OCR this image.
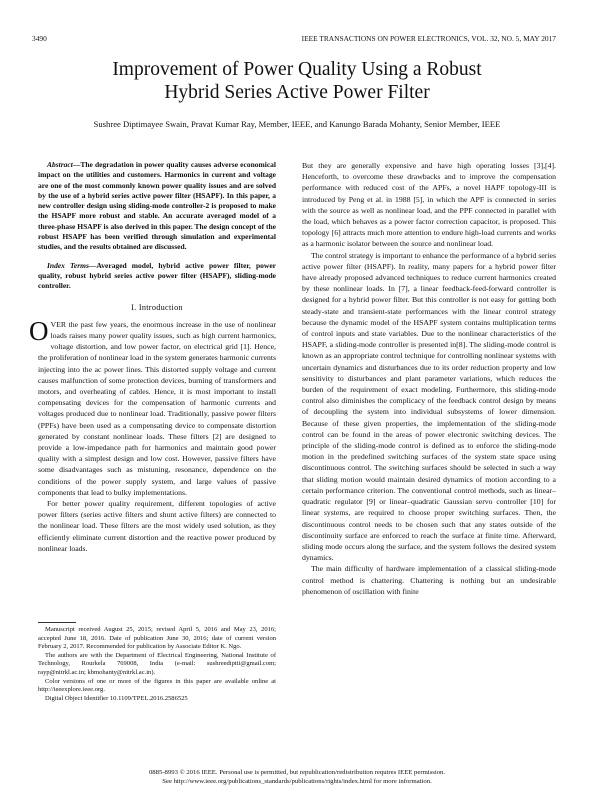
3490	IEEE TRANSACTIONS ON POWER ELECTRONICS, VOL. 32, NO. 5, MAY 2017
Improvement of Power Quality Using a Robust
Hybrid Series Active Power Filter
Sushree Diptimayee Swain, Pravat Kumar Ray, Member, IEEE, and Kanungo Barada Mohanty, Senior Member, IEEE

Abstract—The degradation in power quality causes adverse economical impact on the utilities and customers. Harmonics in current and voltage are one of the most commonly known power quality issues and are solved by the use of a hybrid series active power filter (HSAPF). In this paper, a new controller design using sliding-mode controller-2 is proposed to make the HSAPF more robust and stable. An accurate averaged model of a three-phase HSAPF is also derived in this paper. The design concept of the robust HSAPF has been verified through simulation and experimental studies, and the results obtained are discussed.

Index Terms—Averaged model, hybrid active power filter, power quality, robust hybrid series active power filter (HSAPF), sliding-mode controller.

I. Introduction

OVER the past few years, the enormous increase in the use of nonlinear loads raises many power quality issues, such as high current harmonics, voltage distortion, and low power factor, on electrical grid [1]. Hence, the proliferation of nonlinear load in the system generates harmonic currents injecting into the ac power lines. This distorted supply voltage and current causes malfunction of some protection devices, burning of transformers and motors, and overheating of cables. Hence, it is most important to install compensating devices for the compensation of harmonic currents and voltages produced due to nonlinear load. Traditionally, passive power filters (PPFs) have been used as a compensating device to compensate distortion generated by constant nonlinear loads. These filters [2] are designed to provide a low-impedance path for harmonics and maintain good power quality with a simplest design and low cost. However, passive filters have some disadvantages such as mistuning, resonance, dependence on the conditions of the power supply system, and large values of passive components that lead to bulky implementations.

For better power quality requirement, different topologies of active power filters (series active filters and shunt active filters) are connected to the nonlinear load. These filters are the most widely used solution, as they efficiently eliminate current distortion and the reactive power produced by nonlinear loads.

Manuscript received August 25, 2015; revised April 5, 2016 and May 23, 2016; accepted June 18, 2016. Date of publication June 30, 2016; date of current version February 2, 2017. Recommended for publication by Associate Editor K. Ngo.

The authors are with the Department of Electrical Engineering, National Institute of Technology, Rourkela 769008, India (e-mail: sushreediptii@gmail.com; rayp@nitrkl.ac.in; kbmohanty@nitrkl.ac.in).

Color versions of one or more of the figures in this paper are available online at http://ieeexplore.ieee.org.

Digital Object Identifier 10.1109/TPEL.2016.2586525

But they are generally expensive and have high operating losses [3],[4]. Henceforth, to overcome these drawbacks and to improve the compensation performance with reduced cost of the APFs, a novel HAPF topology-III is introduced by Peng et al. in 1988 [5], in which the APF is connected in series with the source as well as nonlinear load, and the PPF connected in parallel with the load, which behaves as a power factor correction capacitor, is proposed. This topology [6] attracts much more attention to endure high-load currents and works as a harmonic isolator between the source and nonlinear load.

The control strategy is important to enhance the performance of a hybrid series active power filter (HSAPF). In reality, many papers for a hybrid power filter have already proposed advanced techniques to reduce current harmonics created by these nonlinear loads. In [7], a linear feedback-feed-forward controller is designed for a hybrid power filter. But this controller is not easy for getting both steady-state and transient-state performances with the linear control strategy because the dynamic model of the HSAPF system contains multiplication terms of control inputs and state variables. Due to the nonlinear characteristics of the HSAPF, a sliding-mode controller is presented in[8]. The sliding-mode control is known as an appropriate control technique for controlling nonlinear systems with uncertain dynamics and disturbances due to its order reduction property and low sensitivity to disturbances and plant parameter variations, which reduces the burden of the requirement of exact modeling. Furthermore, this sliding-mode control also diminishes the complicacy of the feedback control design by means of decoupling the system into individual subsystems of lower dimension. Because of these given properties, the implementation of the sliding-mode control can be found in the areas of power electronic switching devices. The principle of the sliding-mode control is defined as to enforce the sliding-mode motion in the predefined switching surfaces of the system state space using discontinuous control. The switching surfaces should be selected in such a way that sliding motion would maintain desired dynamics of motion according to a certain performance criterion. The conventional control methods, such as linear–quadratic regulator [9] or linear–quadratic Gaussian servo controller [10] for linear systems, are required to choose proper switching surfaces. Then, the discontinuous control needs to be chosen such that any states outside of the discontinuity surface are enforced to reach the surface at finite time. Afterward, sliding mode occurs along the surface, and the system follows the desired system dynamics.

The main difficulty of hardware implementation of a classical sliding-mode control method is chattering. Chattering is nothing but an undesirable phenomenon of oscillation with finite

0885-8993 © 2016 IEEE. Personal use is permitted, but republication/redistribution requires IEEE permission.
See http://www.ieee.org/publications_standards/publications/rights/index.html for more information.
